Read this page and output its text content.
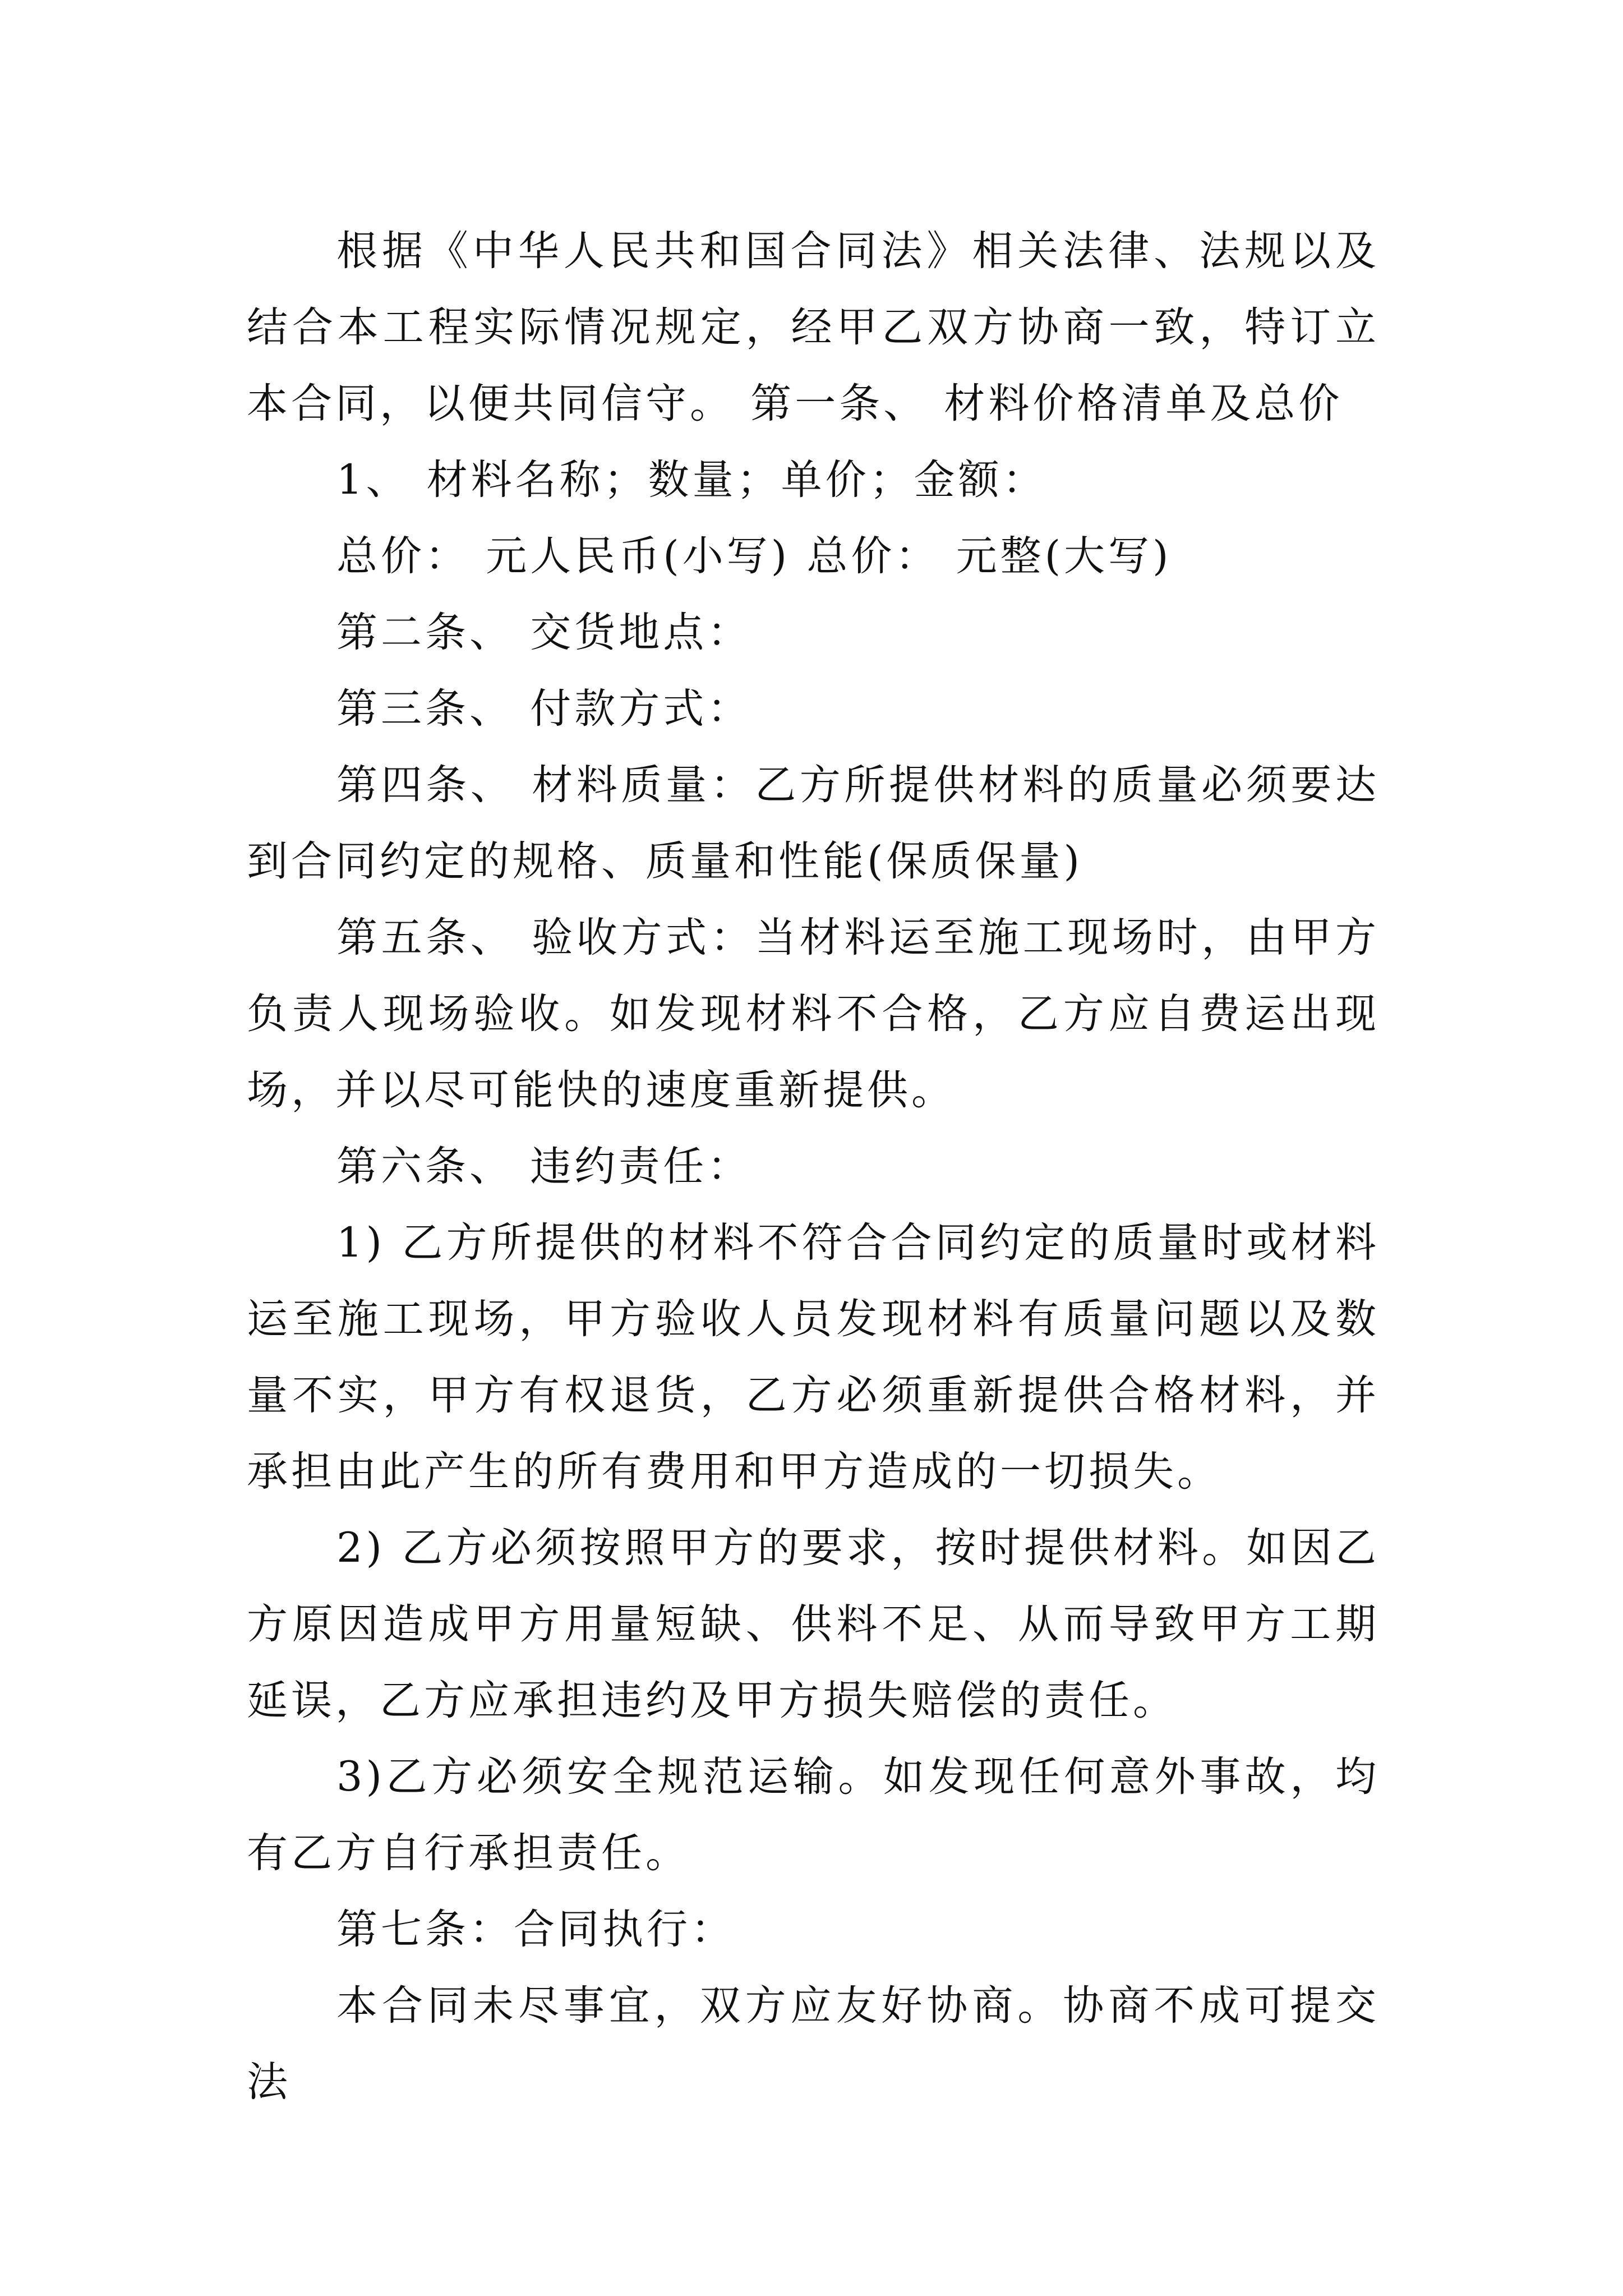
根据《中华人民共和国合同法》相关法律、法规以及结合本工程实际情况规定，经甲乙双方协商一致，特订立本合同，以便共同信守。 第一条、 材料价格清单及总价

1、 材料名称；数量；单价；金额：

总价： 元人民币(小写) 总价： 元整(大写)

第二条、 交货地点：

第三条、 付款方式：

第四条、 材料质量：乙方所提供材料的质量必须要达到合同约定的规格、质量和性能(保质保量)

第五条、 验收方式：当材料运至施工现场时，由甲方负责人现场验收。如发现材料不合格，乙方应自费运出现场，并以尽可能快的速度重新提供。

第六条、 违约责任：

1) 乙方所提供的材料不符合合同约定的质量时或材料运至施工现场，甲方验收人员发现材料有质量问题以及数量不实，甲方有权退货，乙方必须重新提供合格材料，并承担由此产生的所有费用和甲方造成的一切损失。

2) 乙方必须按照甲方的要求，按时提供材料。如因乙方原因造成甲方用量短缺、供料不足、从而导致甲方工期延误，乙方应承担违约及甲方损失赔偿的责任。

3)乙方必须安全规范运输。如发现任何意外事故，均有乙方自行承担责任。

第七条：合同执行：

本合同未尽事宜，双方应友好协商。协商不成可提交法
